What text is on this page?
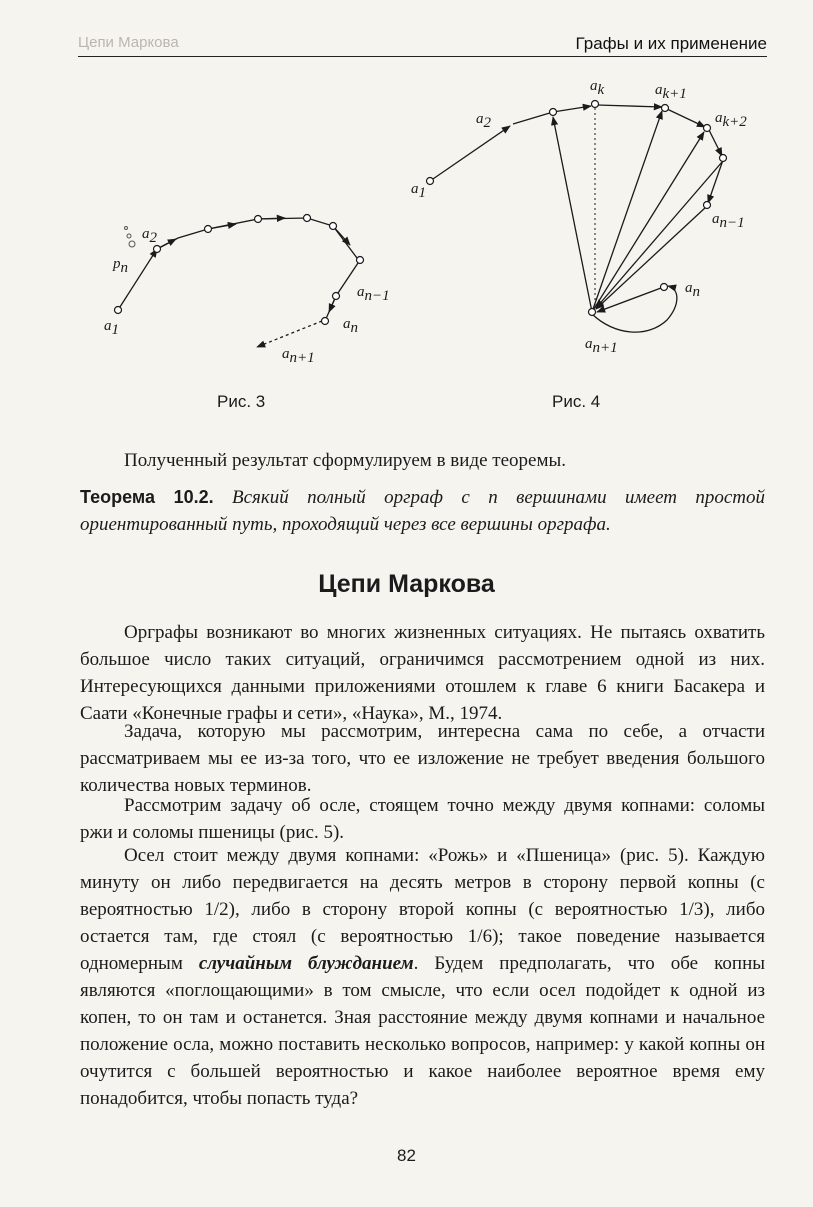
Цепи Маркова	Графы и их применение
a1
a2
pn
an−1
an
an+1
a1
a2
ak	ak+1
ak+2
an−1
an
an+1
Рис. 3	Рис. 4
Полученный результат сформулируем в виде теоремы.
Теорема 10.2. Всякий полный орграф с n вершинами имеет простой ориентированный путь, проходящий через все вершины орграфа.
Цепи Маркова
Орграфы возникают во многих жизненных ситуациях. Не пытаясь охватить большое число таких ситуаций, ограничимся рассмотрением одной из них. Интересующихся данными приложениями отошлем к главе 6 книги Басакера и Саати «Конечные графы и сети», «Наука», М., 1974.
Задача, которую мы рассмотрим, интересна сама по себе, а отчасти рассматриваем мы ее из-за того, что ее изложение не требует введения большого количества новых терминов.
Рассмотрим задачу об осле, стоящем точно между двумя копнами: соломы ржи и соломы пшеницы (рис. 5).
Осел стоит между двумя копнами: «Рожь» и «Пшеница» (рис. 5). Каждую минуту он либо передвигается на десять метров в сторону первой копны (с вероятностью 1/2), либо в сторону второй копны (с вероятностью 1/3), либо остается там, где стоял (с вероятностью 1/6); такое поведение называется одномерным случайным блужданием. Будем предполагать, что обе копны являются «поглощающими» в том смысле, что если осел подойдет к одной из копен, то он там и останется. Зная расстояние между двумя копнами и начальное положение осла, можно поставить несколько вопросов, например: у какой копны он очутится с большей вероятностью и какое наиболее вероятное время ему понадобится, чтобы попасть туда?
82
